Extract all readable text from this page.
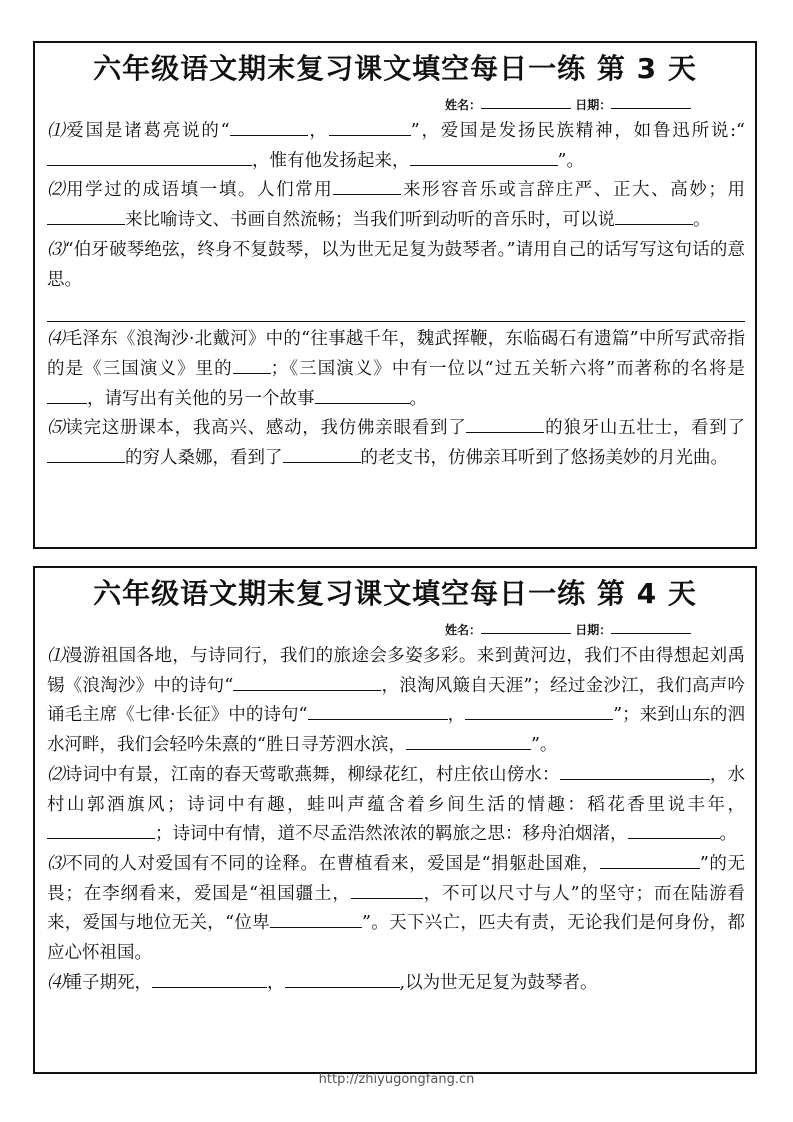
六年级语文期末复习课文填空每日一练 第 3 天
姓名：	日期：

⑴爱国是诸葛亮说的“	，	”，爱国是发扬民族精神，如鲁迅所说:“，惟有他发扬起来，	”。

⑵用学过的成语填一填。人们常用	来形容音乐或言辞庄严、正大、高妙；用来比喻诗文、书画自然流畅；当我们听到动听的音乐时，可以说	。

⑶“伯牙破琴绝弦，终身不复鼓琴，以为世无足复为鼓琴者。”请用自己的话写写这句话的意思。

⑷毛泽东《浪淘沙·北戴河》中的“往事越千年，魏武挥鞭，东临碣石有遗篇”中所写武帝指的是《三国演义》里的 ；《三国演义》中有一位以“过五关斩六将”而著称的名将是，请写出有关他的另一个故事	。

⑸读完这册课本，我高兴、感动，我仿佛亲眼看到了	的狼牙山五壮士，看到了的穷人桑娜，看到了	的老支书，仿佛亲耳听到了悠扬美妙的月光曲。

六年级语文期末复习课文填空每日一练 第 4 天
姓名：	日期：

⑴漫游祖国各地，与诗同行，我们的旅途会多姿多彩。来到黄河边，我们不由得想起刘禹锡《浪淘沙》中的诗句“	，浪淘风簸自天涯”；经过金沙江，我们高声吟诵毛主席《七律·长征》中的诗句“	，	”；来到山东的泗水河畔，我们会轻吟朱熹的“胜日寻芳泗水滨，	”。

⑵诗词中有景，江南的春天莺歌燕舞，柳绿花红，村庄依山傍水：	，水村山郭酒旗风；诗词中有趣，蛙叫声蕴含着乡间生活的情趣：稻花香里说丰年，；诗词中有情，道不尽孟浩然浓浓的羁旅之思：移舟泊烟渚，	。

⑶不同的人对爱国有不同的诠释。在曹植看来，爱国是“捐躯赴国难，	”的无畏；在李纲看来，爱国是“祖国疆土，	，不可以尺寸与人”的坚守；而在陆游看来，爱国与地位无关，“位卑	”。天下兴亡，匹夫有责，无论我们是何身份，都应心怀祖国。

⑷锺子期死，	，	,以为世无足复为鼓琴者。

http://zhiyugongfang.cn
